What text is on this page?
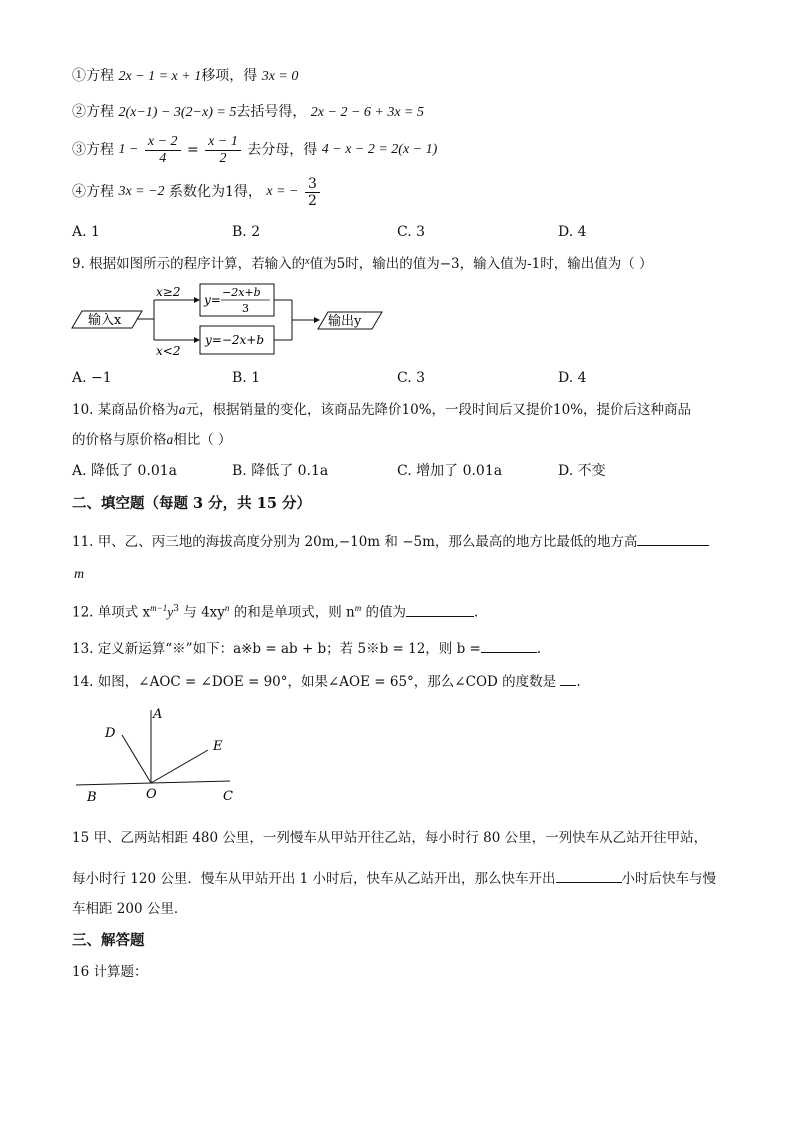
①方程 2x − 1 = x + 1移项，得 3x = 0
②方程 2(x−1) − 3(2−x) = 5去括号得， 2x − 2 − 6 + 3x = 5
③方程 $1 - \frac{x - 2}{4} = \frac{x - 1}{2}$ 去分母，得 4 − x − 2 = 2(x − 1)
④方程 3x = −2 系数化为1得， x = − $\frac{3}{2}$
A. 1	B. 2	C. 3	D. 4
9. 根据如图所示的程序计算，若输入的$^x$值为5时，输出的值为−3，输入值为-1时，输出值为（ ）
输入x
x≥2
x<2
y=
−2x+b
3
y=−2x+b
输出y
A. −1	B. 1	C. 3	D. 4
10. 某商品价格为a元，根据销量的变化，该商品先降价10%，一段时间后又提价10%，提价后这种商品
的价格与原价格a相比（ ）
A. 降低了 0.01a	B. 降低了 0.1a	C. 增加了 0.01a	D. 不变
二、填空题（每题 3 分，共 15 分）
11. 甲、乙、丙三地的海拔高度分别为 20m,−10m 和 −5m，那么最高的地方比最低的地方高
m
12. 单项式 $x^{m-1}y^3$ 与 $4xy^n$ 的和是单项式，则 $n^m$ 的值为	.
13. 定义新运算“※”如下：a※b = ab + b；若 5※b = 12，则 b =	.
14. 如图，∠AOC = ∠DOE = 90°，如果∠AOE = 65°，那么∠COD 的度数是 .
A
D
E
O
B	C
15 甲、乙两站相距 480 公里，一列慢车从甲站开往乙站，每小时行 80 公里，一列快车从乙站开往甲站，
每小时行 120 公里．慢车从甲站开出 1 小时后，快车从乙站开出，那么快车开出	小时后快车与慢
车相距 200 公里．
三、解答题
16 计算题：
